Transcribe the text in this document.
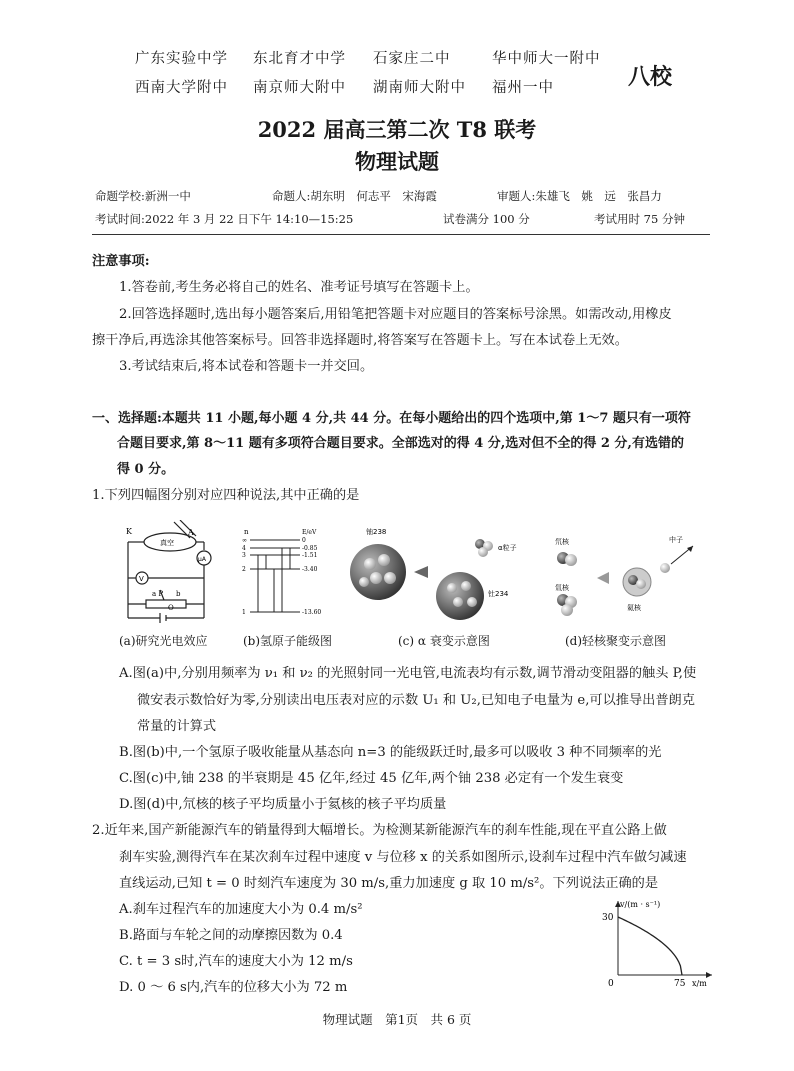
广东实验中学 东北育才中学 石家庄二中	华中师大一附中
西南大学附中 南京师大附中 湖南师大附中 福州一中	八校
2022 届高三第二次 T8 联考
物理试题
命题学校:新洲一中	命题人:胡东明　何志平　宋海霞	审题人:朱雄飞　姚　远　张昌力
考试时间:2022 年 3 月 22 日下午 14:10—15:25	试卷满分 100 分	考试用时 75 分钟
注意事项:
1.答卷前,考生务必将自己的姓名、准考证号填写在答题卡上。
2.回答选择题时,选出每小题答案后,用铅笔把答题卡对应题目的答案标号涂黑。如需改动,用橡皮
擦干净后,再选涂其他答案标号。回答非选择题时,将答案写在答题卡上。写在本试卷上无效。
3.考试结束后,将本试卷和答题卡一并交回。
一、选择题:本题共 11 小题,每小题 4 分,共 44 分。在每小题给出的四个选项中,第 1～7 题只有一项符
合题目要求,第 8～11 题有多项符合题目要求。全部选对的得 4 分,选对但不全的得 2 分,有选错的
得 0 分。
1.下列四幅图分别对应四种说法,其中正确的是
K	A
真空
μA
V
a P b
O
(a)研究光电效应
n	E/eV
∞
4
3
2
1
0
-0.85
-1.51
-3.40
-13.60
(b)氢原子能级图
铀238
α粒子
钍234
(c) α 衰变示意图
氘核
氚核
中子
氦核
(d)轻核聚变示意图
A.图(a)中,分别用频率为 ν₁ 和 ν₂ 的光照射同一光电管,电流表均有示数,调节滑动变阻器的触头 P,使
微安表示数恰好为零,分别读出电压表对应的示数 U₁ 和 U₂,已知电子电量为 e,可以推导出普朗克
常量的计算式
B.图(b)中,一个氢原子吸收能量从基态向 n=3 的能级跃迁时,最多可以吸收 3 种不同频率的光
C.图(c)中,铀 238 的半衰期是 45 亿年,经过 45 亿年,两个铀 238 必定有一个发生衰变
D.图(d)中,氘核的核子平均质量小于氦核的核子平均质量
2.近年来,国产新能源汽车的销量得到大幅增长。为检测某新能源汽车的刹车性能,现在平直公路上做
刹车实验,测得汽车在某次刹车过程中速度 v 与位移 x 的关系如图所示,设刹车过程中汽车做匀减速
直线运动,已知 t = 0 时刻汽车速度为 30 m/s,重力加速度 g 取 10 m/s²。下列说法正确的是
A.刹车过程汽车的加速度大小为 0.4 m/s²
B.路面与车轮之间的动摩擦因数为 0.4
C. t = 3 s时,汽车的速度大小为 12 m/s
D. 0 ～ 6 s内,汽车的位移大小为 72 m
v/(m · s⁻¹)
30
0	75 x/m
物理试题　第1页　共 6 页
